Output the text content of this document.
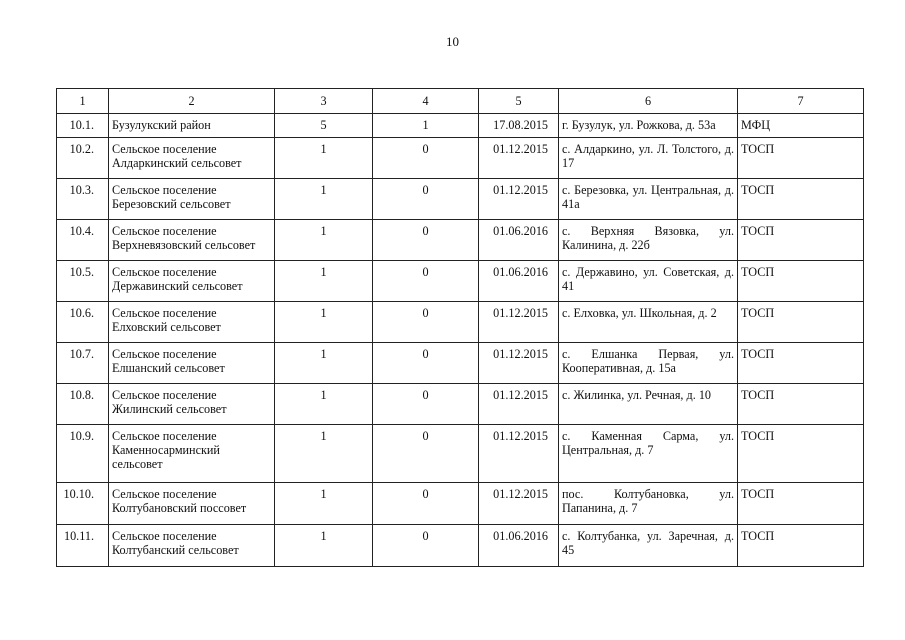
10
1	2	3	4	5	6	7
10.1.	Бузулукский район	5	1	17.08.2015	г. Бузулук, ул. Рожкова, д. 53а	МФЦ
10.2.	Сельское поселение Алдаркинский сельсовет	1	0	01.12.2015	с. Алдаркино, ул. Л. Толстого, д. 17	ТОСП
10.3.	Сельское поселение Березовский сельсовет	1	0	01.12.2015	с. Березовка, ул. Центральная, д. 41а	ТОСП
10.4.	Сельское поселение Верхневязовский сельсовет	1	0	01.06.2016	с. Верхняя Вязовка, ул. Калинина, д. 22б	ТОСП
10.5.	Сельское поселение Державинский сельсовет	1	0	01.06.2016	с. Державино, ул. Советская, д. 41	ТОСП
10.6.	Сельское поселение Елховский сельсовет	1	0	01.12.2015	с. Елховка, ул. Школьная, д. 2	ТОСП
10.7.	Сельское поселение Елшанский сельсовет	1	0	01.12.2015	с. Елшанка Первая, ул. Кооперативная, д. 15а	ТОСП
10.8.	Сельское поселение Жилинский сельсовет	1	0	01.12.2015	с. Жилинка, ул. Речная, д. 10	ТОСП
10.9.	Сельское поселение Каменносарминский сельсовет	1	0	01.12.2015	с. Каменная Сарма, ул. Центральная, д. 7	ТОСП
10.10.	Сельское поселение Колтубановский поссовет	1	0	01.12.2015	пос. Колтубановка, ул. Папанина, д. 7	ТОСП
10.11.	Сельское поселение Колтубанский сельсовет	1	0	01.06.2016	с. Колтубанка, ул. Заречная, д. 45	ТОСП
